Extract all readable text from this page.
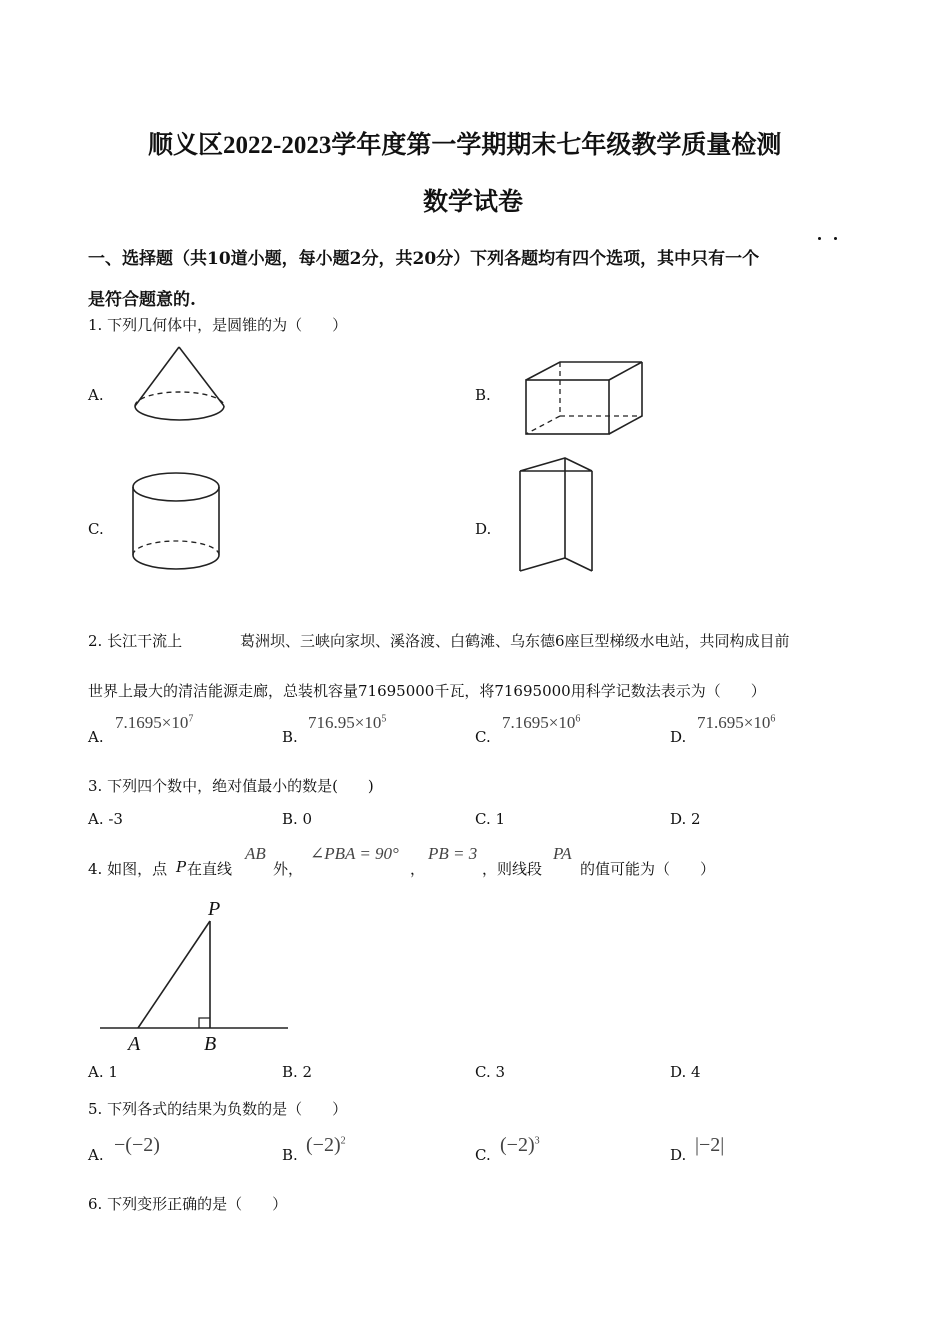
顺义区2022-2023学年度第一学期期末七年级教学质量检测
数学试卷
一、选择题（共10道小题，每小题2分，共20分）下列各题均有四个选项，其中只有一个
是符合题意的.
1. 下列几何体中，是圆锥的为（　　）
A.	B.
C.	D.
2. 长江干流上	葛洲坝、三峡向家坝、溪洛渡、白鹤滩、乌东德6座巨型梯级水电站，共同构成目前
世界上最大的清洁能源走廊，总装机容量71695000千瓦，将71695000用科学记数法表示为（　　）
A.
$7.1695\times 10^7$
B.
$716.95\times 10^5$
C.
$7.1695\times 10^6$
D.
$71.695\times 10^6$
3. 下列四个数中，绝对值最小的数是(　　)
A. -3	B. 0	C. 1	D. 2
4. 如图，点 P 在直线
AB
外，
∠PBA = 90°
，
PB = 3
，则线段
PA
的值可能为（　　）
P
A	B
A. 1	B. 2	C. 3	D. 4
5. 下列各式的结果为负数的是（　　）
A. −(−2)	B. $(-2)^2$
C. $(-2)^3$
D. |−2|
6. 下列变形正确的是（　　）
